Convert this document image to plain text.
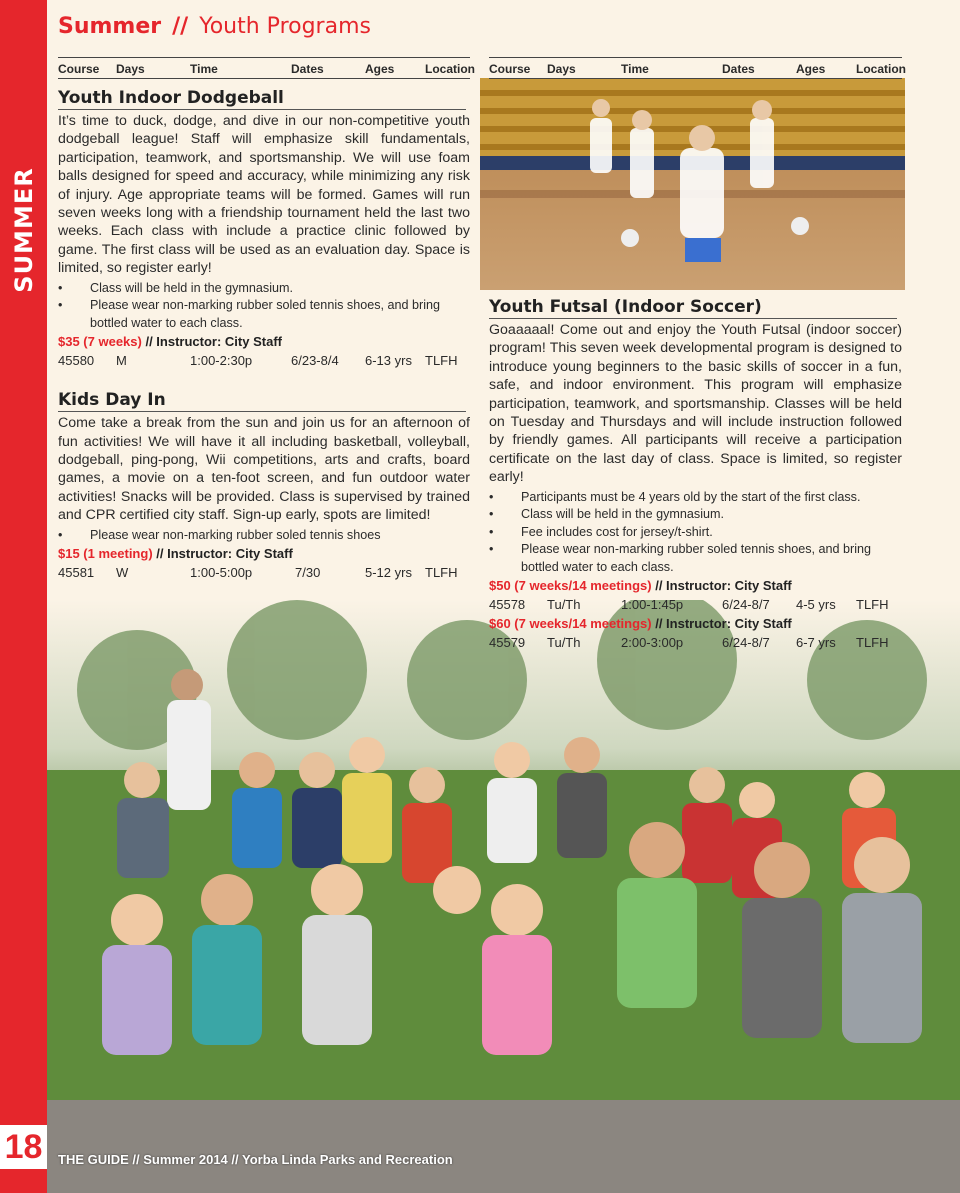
SUMMER
18
Summer // Youth Programs
Course Days	Time	Dates	Ages	Location
Youth Indoor Dodgeball

It’s time to duck, dodge, and dive in our non-competitive youth dodgeball league! Staff will emphasize skill fundamentals, participation, teamwork, and sportsmanship. We will use foam balls designed for speed and accuracy, while minimizing any risk of injury. Age appropriate teams will be formed. Games will run seven weeks long with a friendship tournament held the last two weeks. Each class with include a practice clinic followed by game. The first class will be used as an evaluation day. Space is limited, so register early!

• Class will be held in the gymnasium.
• Please wear non-marking rubber soled tennis shoes, and bring bottled water to each class.
$35 (7 weeks) // Instructor: City Staff
45580 M	1:00-2:30p	6/23-8/4 6-13 yrs TLFH
Kids Day In

Come take a break from the sun and join us for an afternoon of fun activities! We will have it all including basketball, volleyball, dodgeball, ping-pong, Wii competitions, arts and crafts, board games, a movie on a ten-foot screen, and fun outdoor water activities! Snacks will be provided. Class is supervised by trained and CPR certified city staff. Sign-up early, spots are limited!

• Please wear non-marking rubber soled tennis shoes
$15 (1 meeting) // Instructor: City Staff
45581 W	1:00-5:00p	7/30	5-12 yrs TLFH
Course Days	Time	Dates	Ages	Location
Youth Futsal (Indoor Soccer)

Goaaaaal! Come out and enjoy the Youth Futsal (indoor soccer) program! This seven week developmental program is designed to introduce young beginners to the basic skills of soccer in a fun, safe, and indoor environment. This program will emphasize participation, teamwork, and sportsmanship. Classes will be held on Tuesday and Thursdays and will include instruction followed by friendly games. All participants will receive a participation certificate on the last day of class. Space is limited, so register early!

• Participants must be 4 years old by the start of the first class.
• Class will be held in the gymnasium.
• Fee includes cost for jersey/t-shirt.
• Please wear non-marking rubber soled tennis shoes, and bring bottled water to each class.
$50 (7 weeks/14 meetings) // Instructor: City Staff
45578 Tu/Th	1:00-1:45p	6/24-8/7 4-5 yrs TLFH
$60 (7 weeks/14 meetings) // Instructor: City Staff
45579 Tu/Th	2:00-3:00p	6/24-8/7 6-7 yrs TLFH
THE GUIDE // Summer 2014 // Yorba Linda Parks and Recreation
